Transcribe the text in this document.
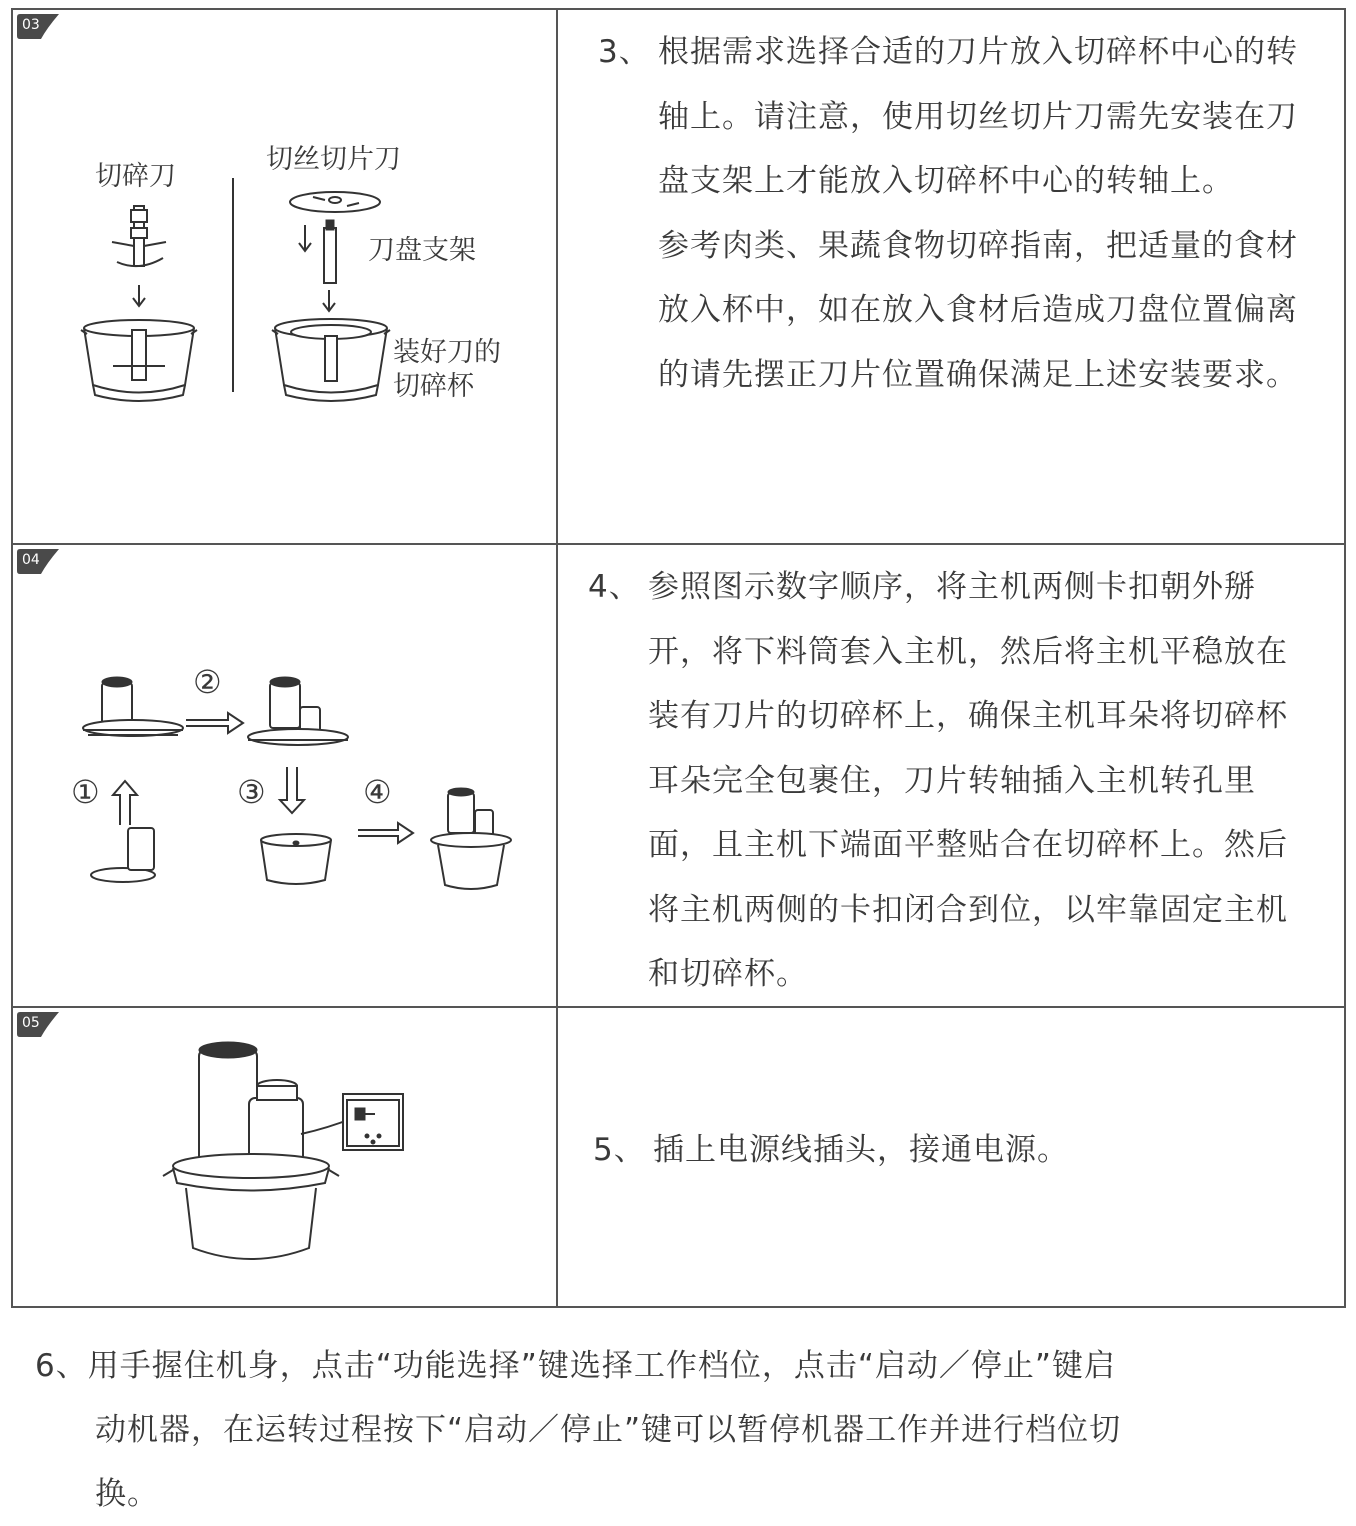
03
切碎刀
切丝切片刀
刀盘支架
装好刀的
切碎杯
3、 根据需求选择合适的刀片放入切碎杯中心的转轴上。请注意，使用切丝切片刀需先安装在刀盘支架上才能放入切碎杯中心的转轴上。
参考肉类、果蔬食物切碎指南，把适量的食材放入杯中，如在放入食材后造成刀盘位置偏离的请先摆正刀片位置确保满足上述安装要求。
04
②
①	③	④
4、 参照图示数字顺序，将主机两侧卡扣朝外掰开，将下料筒套入主机，然后将主机平稳放在装有刀片的切碎杯上，确保主机耳朵将切碎杯耳朵完全包裹住，刀片转轴插入主机转孔里面，且主机下端面平整贴合在切碎杯上。然后将主机两侧的卡扣闭合到位，以牢靠固定主机和切碎杯。
05
5、 插上电源线插头，接通电源。
6、用手握住机身，点击“功能选择”键选择工作档位，点击“启动／停止”键启
动机器，在运转过程按下“启动／停止”键可以暂停机器工作并进行档位切
换。
